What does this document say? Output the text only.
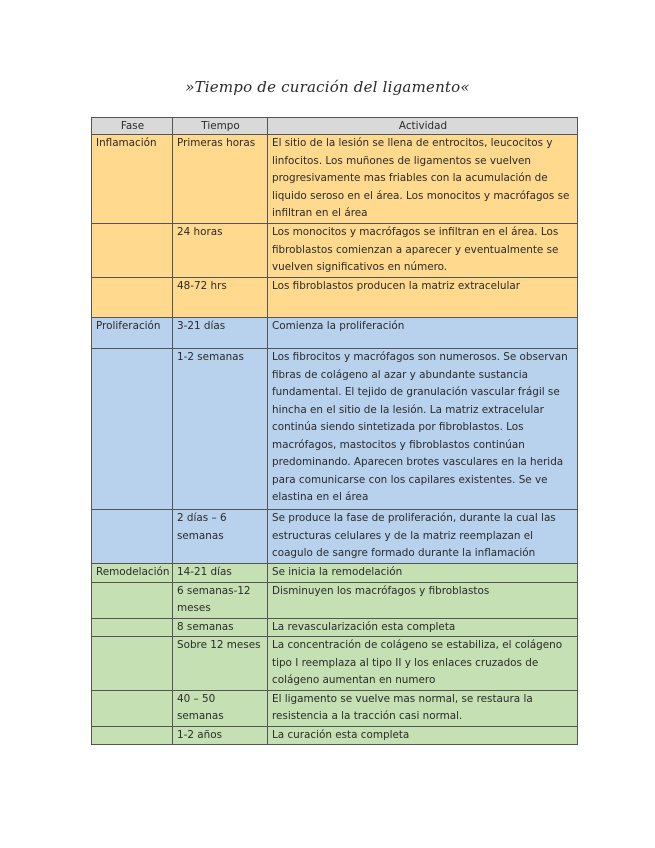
»Tiempo de curación del ligamento«
Fase	Tiempo	Actividad
Inflamación	Primeras horas	El sitio de la lesión se llena de entrocitos, leucocitos y linfocitos. Los muñones de ligamentos se vuelven progresivamente mas friables con la acumulación de liquido seroso en el área. Los monocitos y macrófagos se infiltran en el área
	24 horas	Los monocitos y macrófagos se infiltran en el área. Los fibroblastos comienzan a aparecer y eventualmente se vuelven significativos en número.
	48-72 hrs	Los fibroblastos producen la matriz extracelular
Proliferación	3-21 días	Comienza la proliferación
	1-2 semanas	Los fibrocitos y macrófagos son numerosos. Se observan fibras de colágeno al azar y abundante sustancia fundamental. El tejido de granulación vascular frágil se hincha en el sitio de la lesión. La matriz extracelular continúa siendo sintetizada por fibroblastos. Los macrófagos, mastocitos y fibroblastos continúan predominando. Aparecen brotes vasculares en la herida para comunicarse con los capilares existentes. Se ve elastina en el área
	2 días – 6 semanas	Se produce la fase de proliferación, durante la cual las estructuras celulares y de la matriz reemplazan el coagulo de sangre formado durante la inflamación
Remodelación	14-21 días	Se inicia la remodelación
	6 semanas-12 meses	Disminuyen los macrófagos y fibroblastos
	8 semanas	La revascularización esta completa
	Sobre 12 meses	La concentración de colágeno se estabiliza, el colágeno tipo I reemplaza al tipo II y los enlaces cruzados de colágeno aumentan en numero
	40 – 50 semanas	El ligamento se vuelve mas normal, se restaura la resistencia a la tracción casi normal.
	1-2 años	La curación esta completa
